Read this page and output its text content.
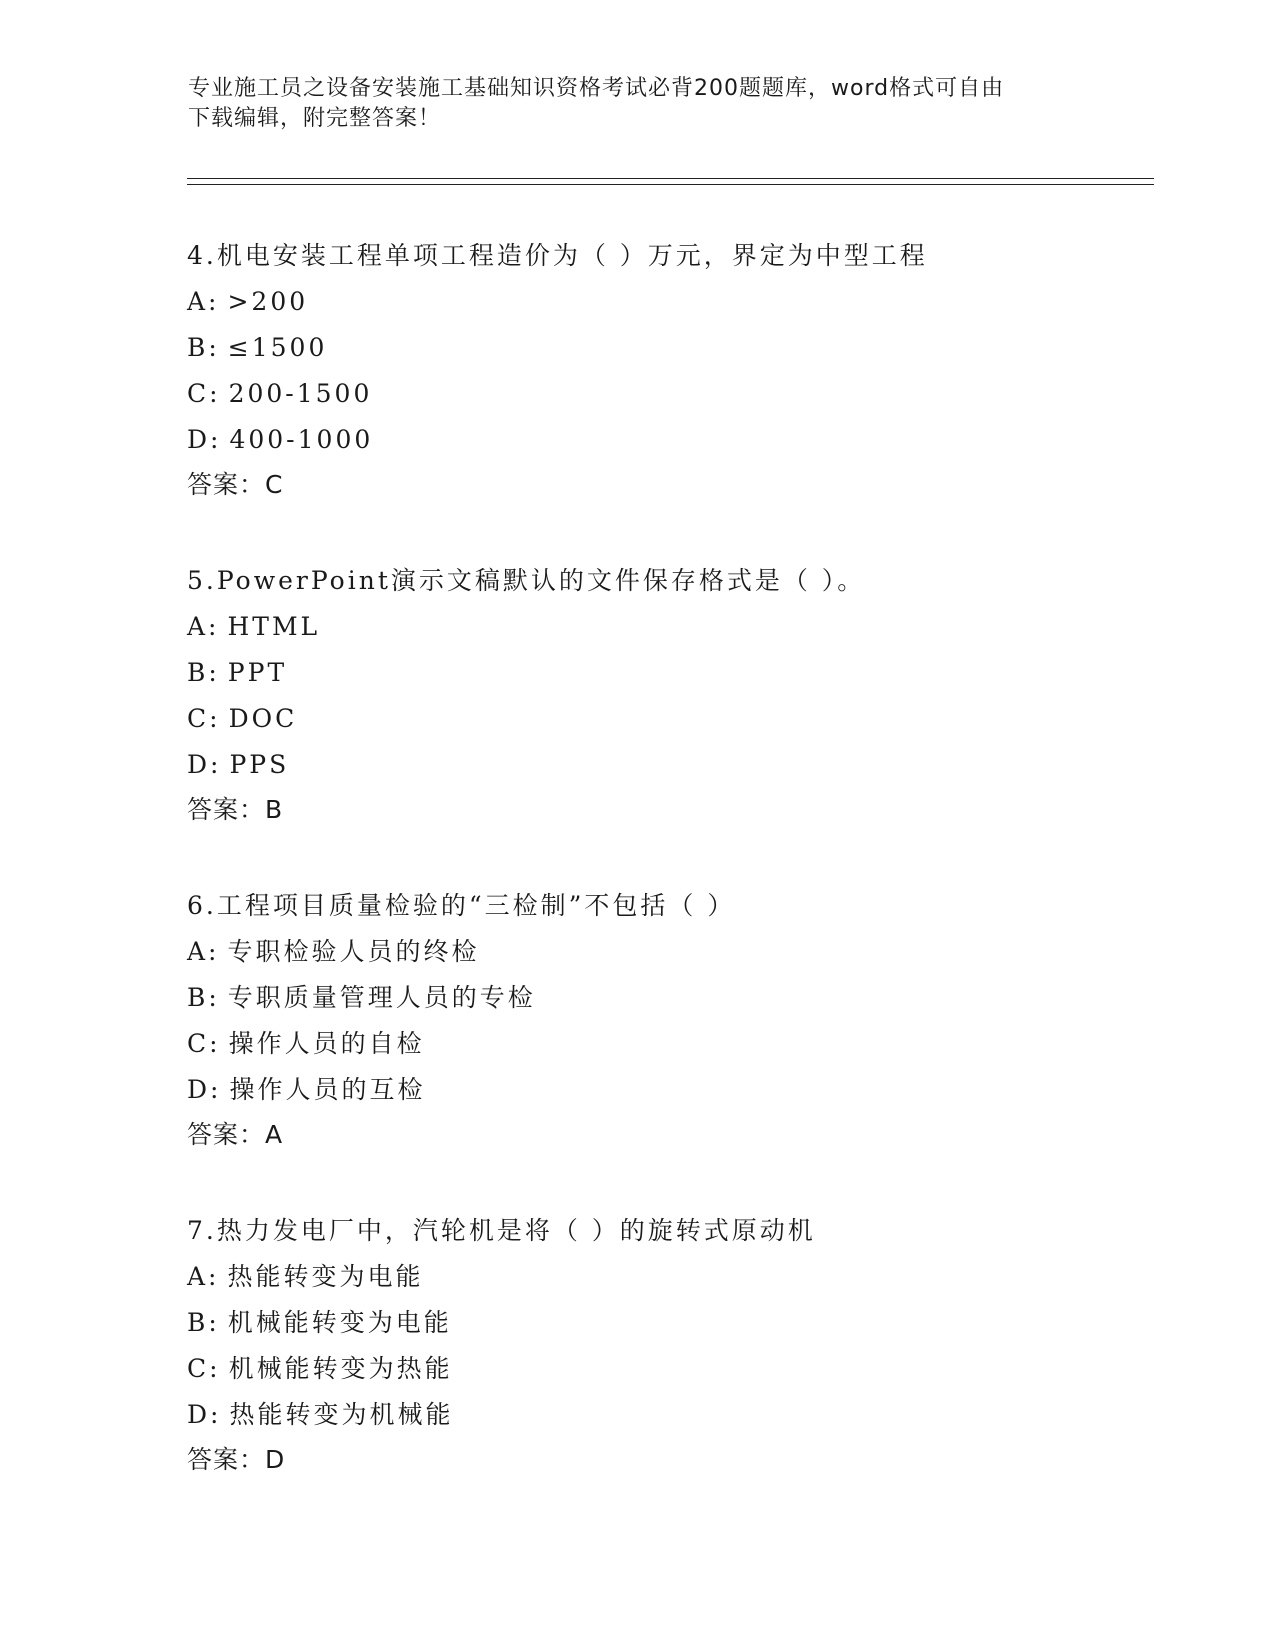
专业施工员之设备安装施工基础知识资格考试必背200题题库，word格式可自由
下载编辑，附完整答案！
4.机电安装工程单项工程造价为（ ）万元，界定为中型工程
A: >200
B: ≤1500
C: 200-1500
D: 400-1000
答案：C
5.PowerPoint演示文稿默认的文件保存格式是（ ）。
A: HTML
B: PPT
C: DOC
D: PPS
答案：B
6.工程项目质量检验的“三检制”不包括（ ）
A: 专职检验人员的终检
B: 专职质量管理人员的专检
C: 操作人员的自检
D: 操作人员的互检
答案：A
7.热力发电厂中，汽轮机是将（ ）的旋转式原动机
A: 热能转变为电能
B: 机械能转变为电能
C: 机械能转变为热能
D: 热能转变为机械能
答案：D
